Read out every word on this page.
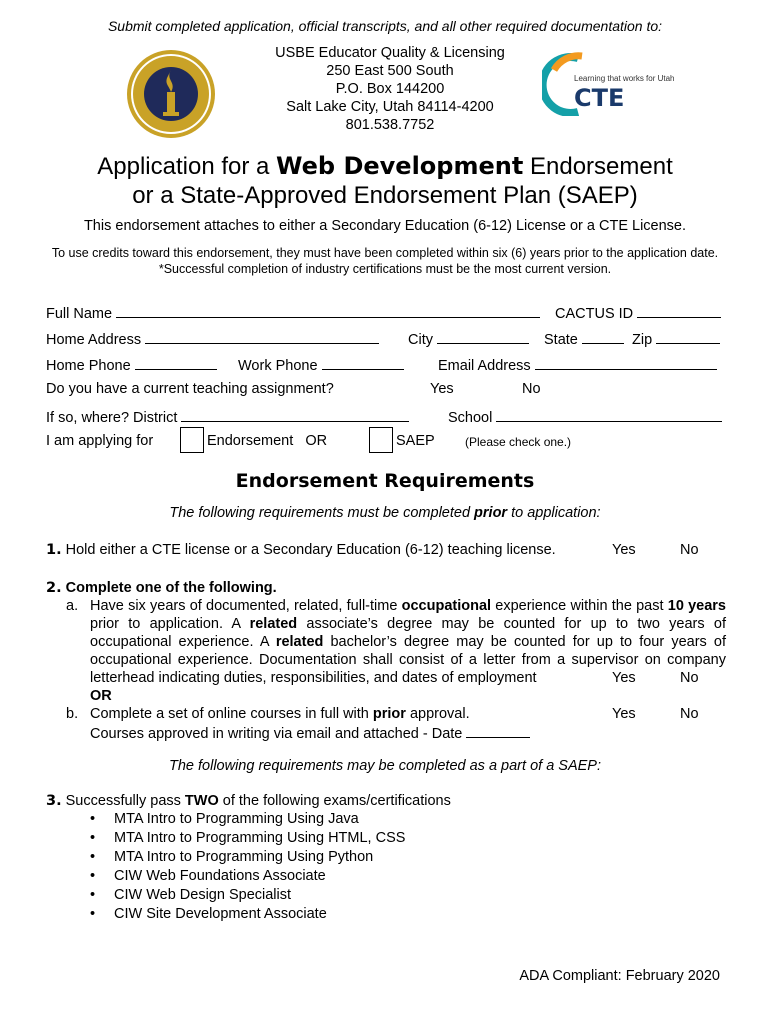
Submit completed application, official transcripts, and all other required documentation to:
USBE Educator Quality & Licensing
250 East 500 South
P.O. Box 144200
Salt Lake City, Utah 84114-4200
801.538.7752
Learning that works for Utah
CTE
Application for a Web Development Endorsement
or a State-Approved Endorsement Plan (SAEP)
This endorsement attaches to either a Secondary Education (6-12) License or a CTE License.
To use credits toward this endorsement, they must have been completed within six (6) years prior to the application date. *Successful completion of industry certifications must be the most current version.
Full Name	CACTUS ID
Home Address	City	State	Zip
Home Phone	Work Phone	Email Address
Do you have a current teaching assignment?	Yes	No
If so, where? District	School
I am applying for	Endorsement OR	SAEP	(Please check one.)
Endorsement Requirements
The following requirements must be completed prior to application:
1. Hold either a CTE license or a Secondary Education (6-12) teaching license.	Yes	No
2. Complete one of the following.
a. Have six years of documented, related, full-time occupational experience within the past 10 years prior to application. A related associate’s degree may be counted for up to two years of occupational experience. A related bachelor’s degree may be counted for up to four years of occupational experience. Documentation shall consist of a letter from a supervisor on company letterhead indicating duties, responsibilities, and dates of employment	Yes	No
OR
b. Complete a set of online courses in full with prior approval.	Yes	No
Courses approved in writing via email and attached - Date
The following requirements may be completed as a part of a SAEP:
3. Successfully pass TWO of the following exams/certifications
• MTA Intro to Programming Using Java
• MTA Intro to Programming Using HTML, CSS
• MTA Intro to Programming Using Python
• CIW Web Foundations Associate
• CIW Web Design Specialist
• CIW Site Development Associate
ADA Compliant: February 2020
